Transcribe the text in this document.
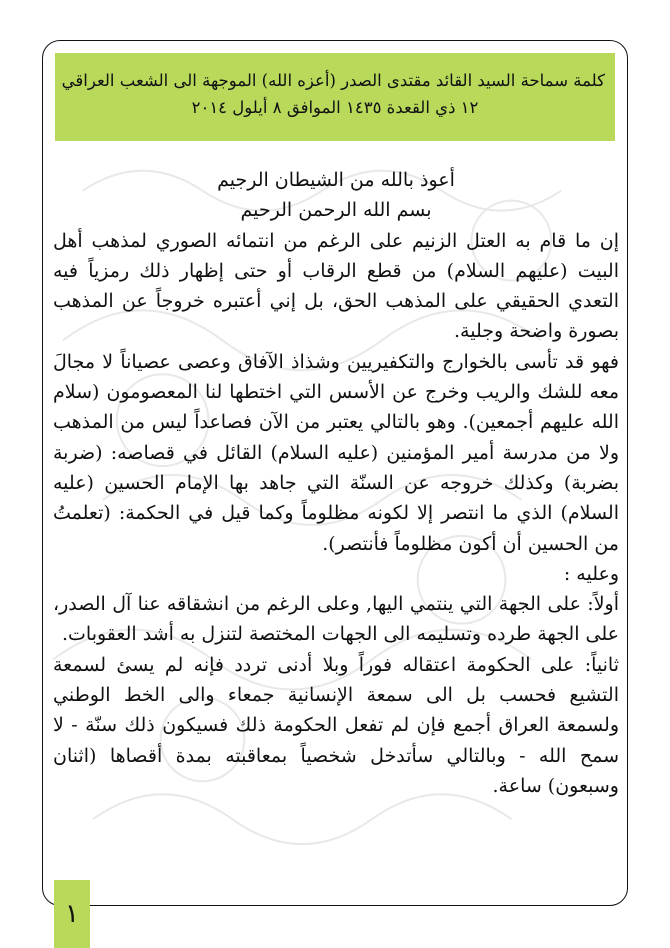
كلمة سماحة السيد القائد مقتدى الصدر (أعزه الله) الموجهة الى الشعب العراقي
١٢ ذي القعدة ١٤٣٥ الموافق ٨ أيلول ٢٠١٤

أعوذ بالله من الشيطان الرجيم

بسم الله الرحمن الرحيم

إن ما قام به العتل الزنيم على الرغم من انتمائه الصوري لمذهب أهل البيت (عليهم السلام) من قطع الرقاب أو حتى إظهار ذلك رمزياً فيه التعدي الحقيقي على المذهب الحق، بل إني أعتبره خروجاً عن المذهب بصورة واضحة وجلية.

فهو قد تأسى بالخوارج والتكفيريين وشذاذ الآفاق وعصى عصياناً لا مجالَ معه للشك والريب وخرج عن الأسس التي اختطها لنا المعصومون (سلام الله عليهم أجمعين). وهو بالتالي يعتبر من الآن فصاعداً ليس من المذهب ولا من مدرسة أمير المؤمنين (عليه السلام) القائل في قصاصه: (ضربة بضربة) وكذلك خروجه عن السنّة التي جاهد بها الإمام الحسين (عليه السلام) الذي ما انتصر إلا لكونه مظلوماً وكما قيل في الحكمة: (تعلمتُ من الحسين أن أكون مظلوماً فأنتصر).

وعليه :

أولاً: على الجهة التي ينتمي اليها, وعلى الرغم من انشقاقه عنا آل الصدر، على الجهة طرده وتسليمه الى الجهات المختصة لتنزل به أشد العقوبات.

ثانياً: على الحكومة اعتقاله فوراً وبلا أدنى تردد فإنه لم يسئ لسمعة التشيع فحسب بل الى سمعة الإنسانية جمعاء والى الخط الوطني ولسمعة العراق أجمع فإن لم تفعل الحكومة ذلك فسيكون ذلك سنّة - لا سمح الله - وبالتالي سأتدخل شخصياً بمعاقبته بمدة أقصاها (اثنان وسبعون) ساعة.

١
